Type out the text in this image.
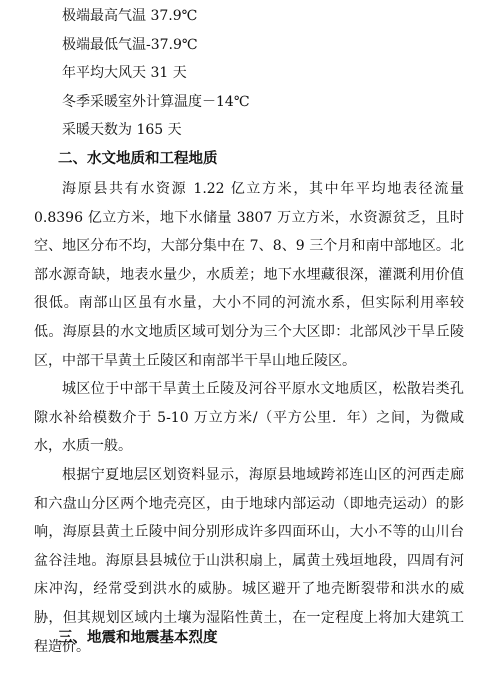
极端最高气温 37.9℃
极端最低气温-37.9℃
年平均大风天 31 天
冬季采暖室外计算温度－14℃
采暖天数为 165 天
二、水文地质和工程地质
海原县共有水资源 1.22 亿立方米，其中年平均地表径流量 0.8396 亿立方米，地下水储量 3807 万立方米，水资源贫乏，且时空、地区分布不均，大部分集中在 7、8、9 三个月和南中部地区。北部水源奇缺，地表水量少，水质差；地下水埋藏很深，灌溉利用价值很低。南部山区虽有水量，大小不同的河流水系，但实际利用率较低。海原县的水文地质区域可划分为三个大区即：北部风沙干旱丘陵区，中部干旱黄土丘陵区和南部半干旱山地丘陵区。
城区位于中部干旱黄土丘陵及河谷平原水文地质区，松散岩类孔隙水补给模数介于 5-10 万立方米/（平方公里．年）之间，为微咸水，水质一般。
根据宁夏地层区划资料显示，海原县地域跨祁连山区的河西走廊和六盘山分区两个地壳亮区，由于地球内部运动（即地壳运动）的影响，海原县黄土丘陵中间分别形成许多四面环山，大小不等的山川台盆谷洼地。海原县县城位于山洪积扇上，属黄土残垣地段，四周有河床冲沟，经常受到洪水的威胁。城区避开了地壳断裂带和洪水的威胁，但其规划区域内土壤为湿陷性黄土，在一定程度上将加大建筑工程造价。
三、地震和地震基本烈度
